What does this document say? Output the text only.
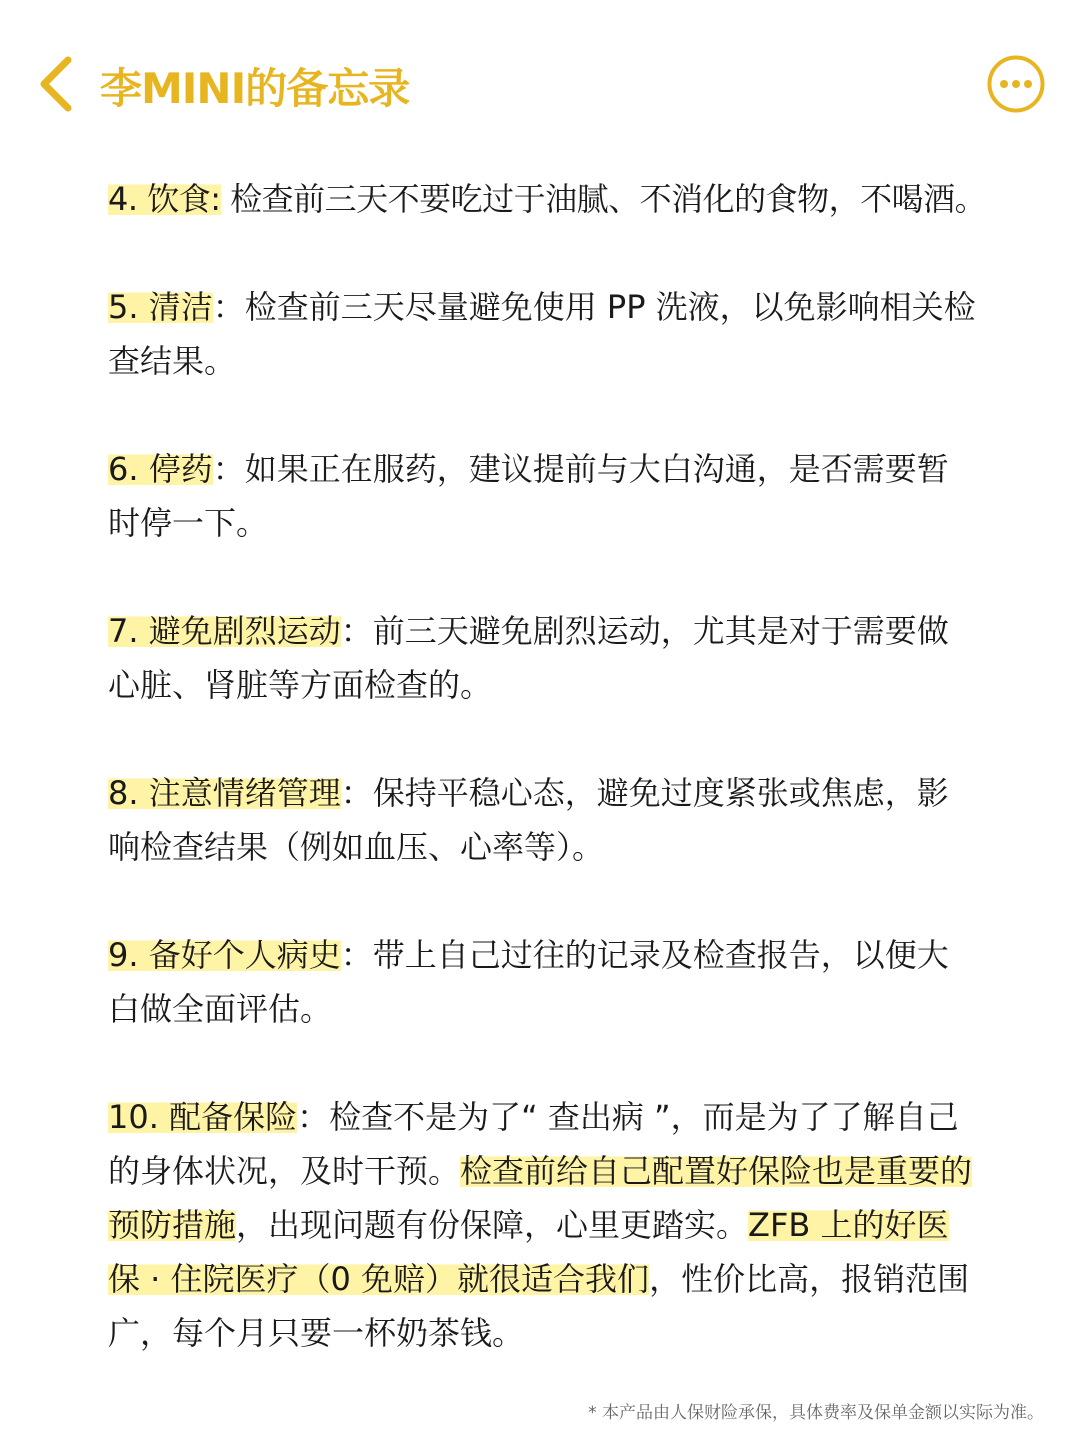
李MINI的备忘录

4. 饮食: 检查前三天不要吃过于油腻、不消化的食物，不喝酒。

5. 清洁：检查前三天尽量避免使用 PP 洗液，以免影响相关检查结果。

6. 停药：如果正在服药，建议提前与大白沟通，是否需要暂时停一下。

7. 避免剧烈运动：前三天避免剧烈运动，尤其是对于需要做心脏、肾脏等方面检查的。

8. 注意情绪管理：保持平稳心态，避免过度紧张或焦虑，影响检查结果（例如血压、心率等）。

9. 备好个人病史：带上自己过往的记录及检查报告，以便大白做全面评估。

10. 配备保险：检查不是为了“ 查出病 ”，而是为了了解自己的身体状况，及时干预。检查前给自己配置好保险也是重要的预防措施，出现问题有份保障，心里更踏实。ZFB 上的好医保 · 住院医疗（0 免赔）就很适合我们，性价比高，报销范围广，每个月只要一杯奶茶钱。

* 本产品由人保财险承保，具体费率及保单金额以实际为准。
